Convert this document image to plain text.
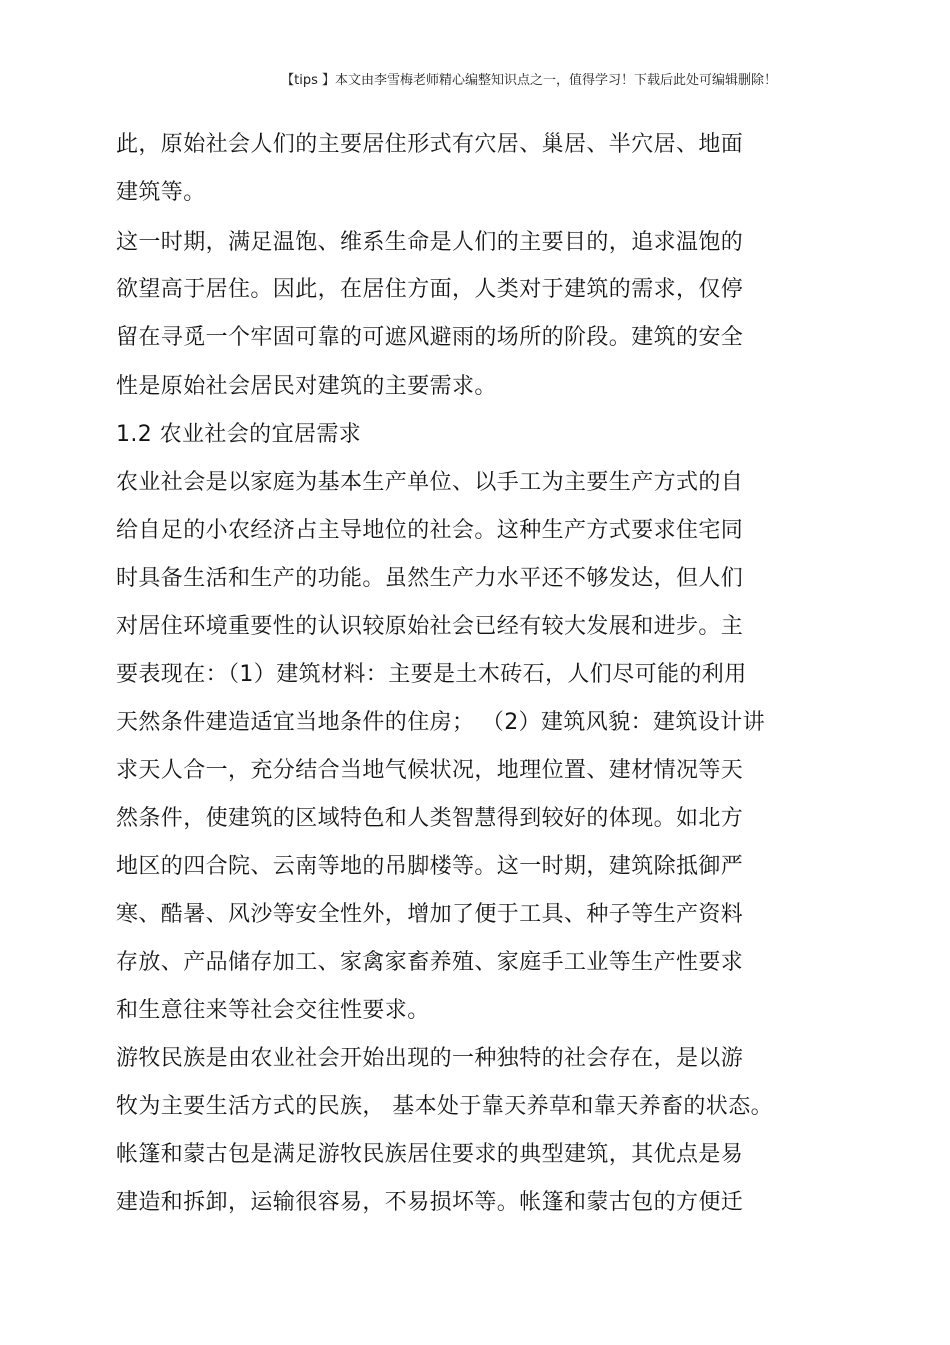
【tips 】本文由李雪梅老师精心编整知识点之一，值得学习！下载后此处可编辑删除！
此，原始社会人们的主要居住形式有穴居、巢居、半穴居、地面
建筑等。
这一时期，满足温饱、维系生命是人们的主要目的，追求温饱的
欲望高于居住。因此，在居住方面，人类对于建筑的需求，仅停
留在寻觅一个牢固可靠的可遮风避雨的场所的阶段。建筑的安全
性是原始社会居民对建筑的主要需求。
1.2 农业社会的宜居需求
农业社会是以家庭为基本生产单位、以手工为主要生产方式的自
给自足的小农经济占主导地位的社会。这种生产方式要求住宅同
时具备生活和生产的功能。虽然生产力水平还不够发达，但人们
对居住环境重要性的认识较原始社会已经有较大发展和进步。主
要表现在：（1）建筑材料：主要是土木砖石，人们尽可能的利用
天然条件建造适宜当地条件的住房； （2）建筑风貌：建筑设计讲
求天人合一，充分结合当地气候状况，地理位置、建材情况等天
然条件，使建筑的区域特色和人类智慧得到较好的体现。如北方
地区的四合院、云南等地的吊脚楼等。这一时期，建筑除抵御严
寒、酷暑、风沙等安全性外，增加了便于工具、种子等生产资料
存放、产品储存加工、家禽家畜养殖、家庭手工业等生产性要求
和生意往来等社会交往性要求。
游牧民族是由农业社会开始出现的一种独特的社会存在，是以游
牧为主要生活方式的民族， 基本处于靠天养草和靠天养畜的状态。
帐篷和蒙古包是满足游牧民族居住要求的典型建筑，其优点是易
建造和拆卸，运输很容易，不易损坏等。帐篷和蒙古包的方便迁
